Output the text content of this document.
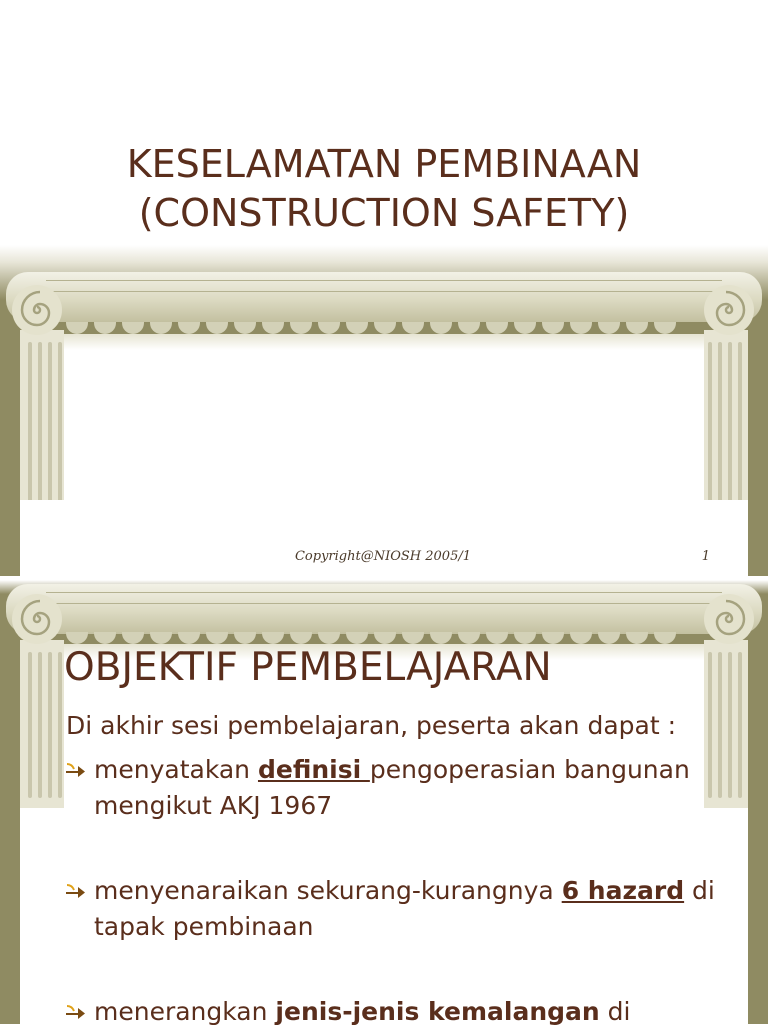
KESELAMATAN PEMBINAAN
(CONSTRUCTION SAFETY)
Copyright@NIOSH 2005/1	1
OBJEKTIF PEMBELAJARAN
Di akhir sesi pembelajaran, peserta akan dapat :
menyatakan definisi pengoperasian bangunan mengikut AKJ 1967
menyenaraikan sekurang-kurangnya 6 hazard di tapak pembinaan
menerangkan jenis-jenis kemalangan di
